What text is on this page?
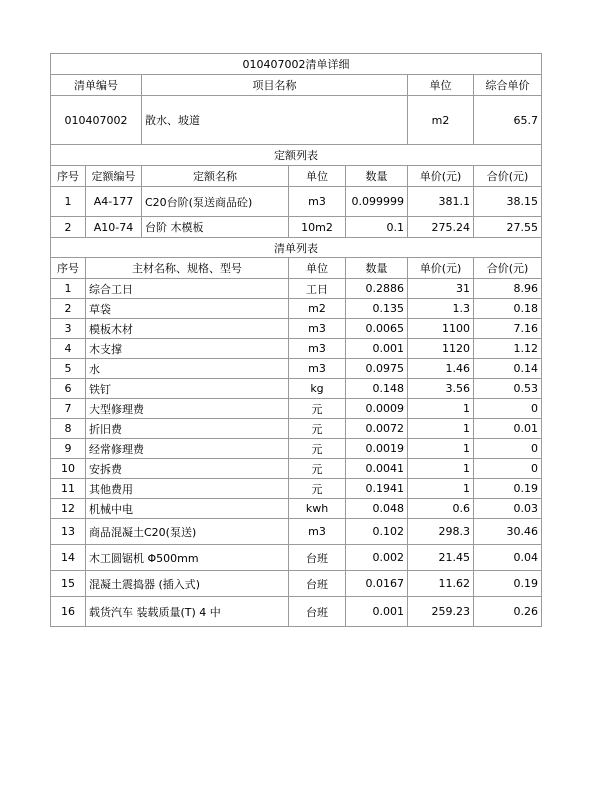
010407002清单详细						
清单编号		项目名称			单位	综合单价
010407002		散水、坡道			m2	65.7
定额列表						
序号	定额编号	定额名称	单位	数量	单价(元)	合价(元)
1	A4-177	C20台阶(泵送商品砼)	m3	0.099999	381.1	38.15
2	A10-74	台阶 木模板	10m2	0.1	275.24	27.55
清单列表						
序号	主材名称、规格、型号		单位	数量	单价(元)	合价(元)
1	综合工日		工日	0.2886	31	8.96
2	草袋		m2	0.135	1.3	0.18
3	模板木材		m3	0.0065	1100	7.16
4	木支撑		m3	0.001	1120	1.12
5	水		m3	0.0975	1.46	0.14
6	铁钉		kg	0.148	3.56	0.53
7	大型修理费		元	0.0009	1	0
8	折旧费		元	0.0072	1	0.01
9	经常修理费		元	0.0019	1	0
10	安拆费		元	0.0041	1	0
11	其他费用		元	0.1941	1	0.19
12	机械中电		kwh	0.048	0.6	0.03
13	商品混凝土C20(泵送)		m3	0.102	298.3	30.46
14	木工圆锯机 Φ500mm		台班	0.002	21.45	0.04
15	混凝土震捣器 (插入式)		台班	0.0167	11.62	0.19
16	载货汽车 装载质量(T) 4 中		台班	0.001	259.23	0.26
